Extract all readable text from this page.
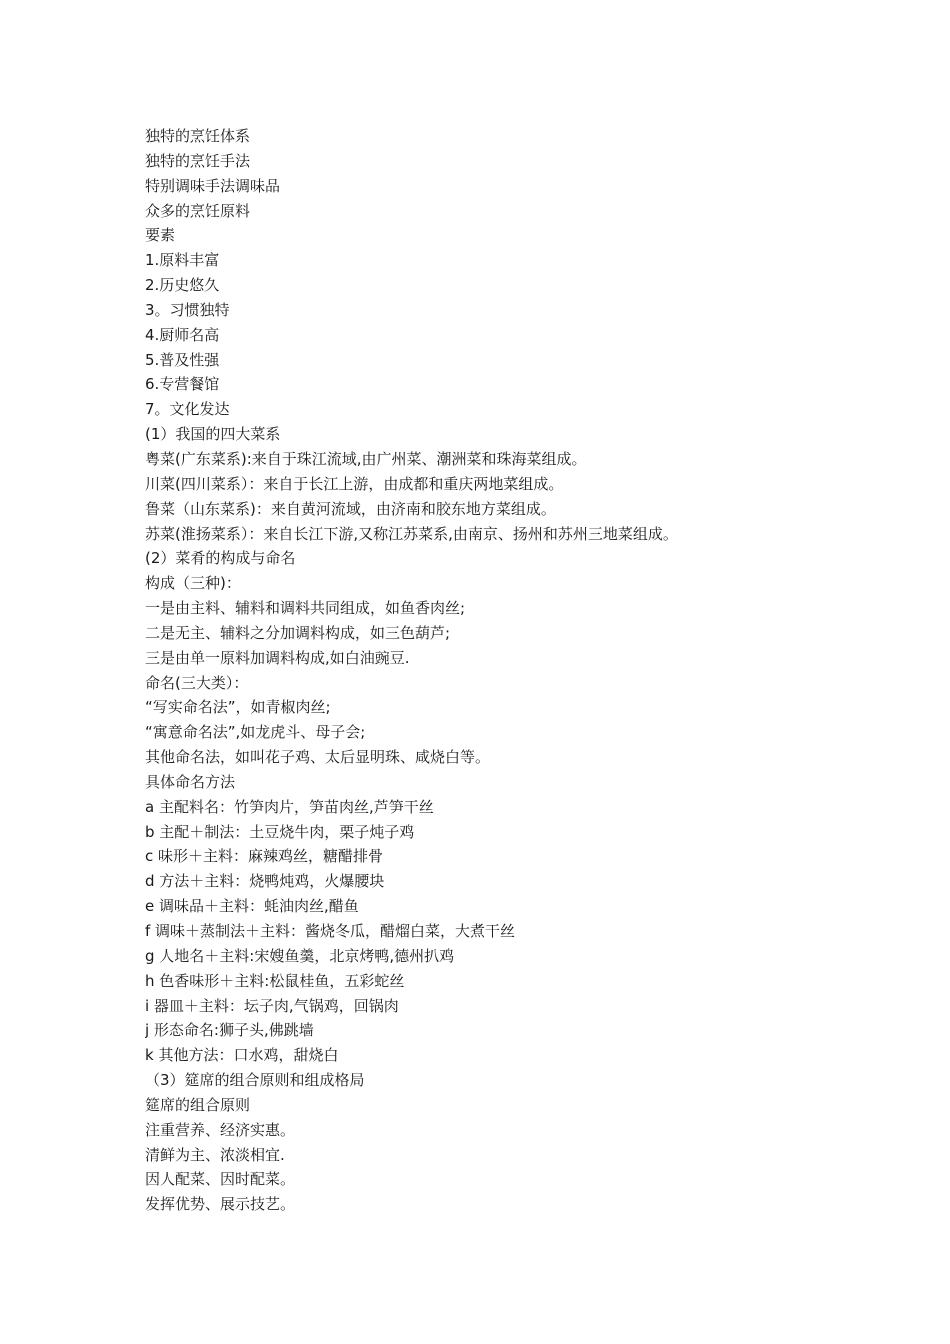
独特的烹饪体系
独特的烹饪手法
特别调味手法调味品
众多的烹饪原料
要素
1.原料丰富
2.历史悠久
3。习惯独特
4.厨师名高
5.普及性强
6.专营餐馆
7。文化发达
(1）我国的四大菜系
粤菜(广东菜系):来自于珠江流域,由广州菜、潮洲菜和珠海菜组成。
川菜(四川菜系）：来自于长江上游，由成都和重庆两地菜组成。
鲁菜（山东菜系)：来自黄河流域，由济南和胶东地方菜组成。
苏菜(淮扬菜系）：来自长江下游,又称江苏菜系,由南京、扬州和苏州三地菜组成。
(2）菜肴的构成与命名
构成（三种)：
一是由主料、辅料和调料共同组成，如鱼香肉丝;
二是无主、辅料之分加调料构成，如三色葫芦;
三是由单一原料加调料构成,如白油豌豆.
命名(三大类）：
“写实命名法”，如青椒肉丝;
“寓意命名法”,如龙虎斗、母子会;
其他命名法，如叫花子鸡、太后显明珠、咸烧白等。
具体命名方法
a 主配料名：竹笋肉片，笋苗肉丝,芦笋干丝
b 主配＋制法：土豆烧牛肉，栗子炖子鸡
c 味形＋主料：麻辣鸡丝，糖醋排骨
d 方法＋主料：烧鸭炖鸡，火爆腰块
e 调味品＋主料：蚝油肉丝,醋鱼
f 调味＋蒸制法＋主料：酱烧冬瓜，醋熘白菜，大煮干丝
g 人地名＋主料:宋嫂鱼羹，北京烤鸭,德州扒鸡
h 色香味形＋主料:松鼠桂鱼，五彩蛇丝
i 器皿＋主料：坛子肉,气锅鸡，回锅肉
j 形态命名:狮子头,佛跳墙
k 其他方法：口水鸡，甜烧白
（3）筵席的组合原则和组成格局
筵席的组合原则
注重营养、经济实惠。
清鲜为主、浓淡相宜.
因人配菜、因时配菜。
发挥优势、展示技艺。
